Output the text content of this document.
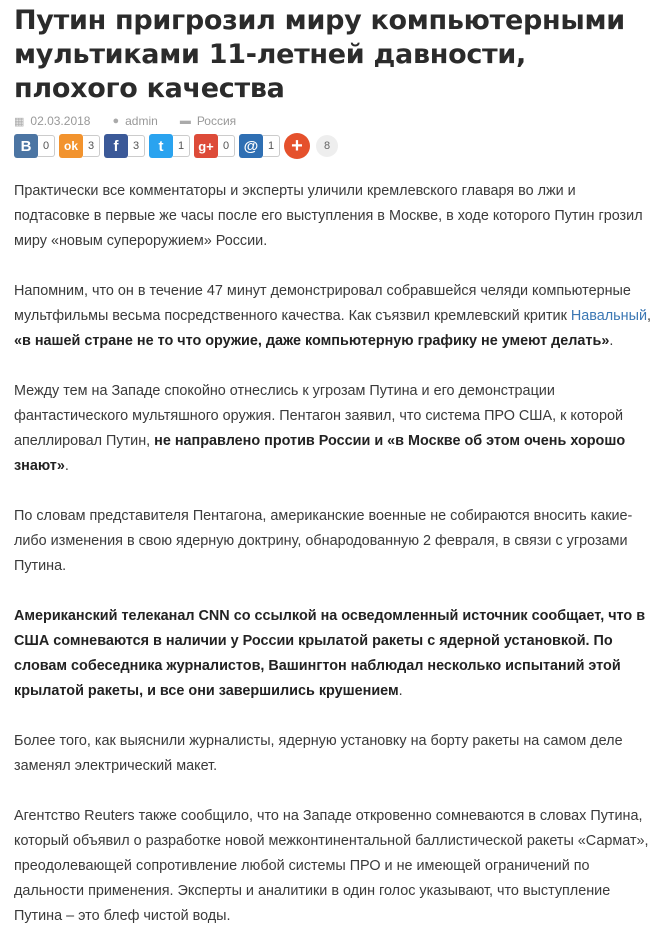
Путин пригрозил миру компьютерными мультиками 11-летней давности, плохого качества
▦ 02.03.2018 ● admin ▬ Россия
В	0	ok 3	f	3	t	1	g+ 0 @ 1 +	8

Практически все комментаторы и эксперты уличили кремлевского главаря во лжи и подтасовке в первые же часы после его выступления в Москве, в ходе которого Путин грозил миру «новым супероружием» России.

Напомним, что он в течение 47 минут демонстрировал собравшейся челяди компьютерные мультфильмы весьма посредственного качества. Как съязвил кремлевский критик Навальный, «в нашей стране не то что оружие, даже компьютерную графику не умеют делать».

Между тем на Западе спокойно отнеслись к угрозам Путина и его демонстрации фантастического мультяшного оружия. Пентагон заявил, что система ПРО США, к которой апеллировал Путин, не направлено против России и «в Москве об этом очень хорошо знают».

По словам представителя Пентагона, американские военные не собираются вносить какие-либо изменения в свою ядерную доктрину, обнародованную 2 февраля, в связи с угрозами Путина.

Американский телеканал CNN со ссылкой на осведомленный источник сообщает, что в США сомневаются в наличии у России крылатой ракеты с ядерной установкой. По словам собеседника журналистов, Вашингтон наблюдал несколько испытаний этой крылатой ракеты, и все они завершились крушением.

Более того, как выяснили журналисты, ядерную установку на борту ракеты на самом деле заменял электрический макет.

Агентство Reuters также сообщило, что на Западе откровенно сомневаются в словах Путина, который объявил о разработке новой межконтинентальной баллистической ракеты «Сармат», преодолевающей сопротивление любой системы ПРО и не имеющей ограничений по дальности применения. Эксперты и аналитики в один голос указывают, что выступление Путина – это блеф чистой воды.
